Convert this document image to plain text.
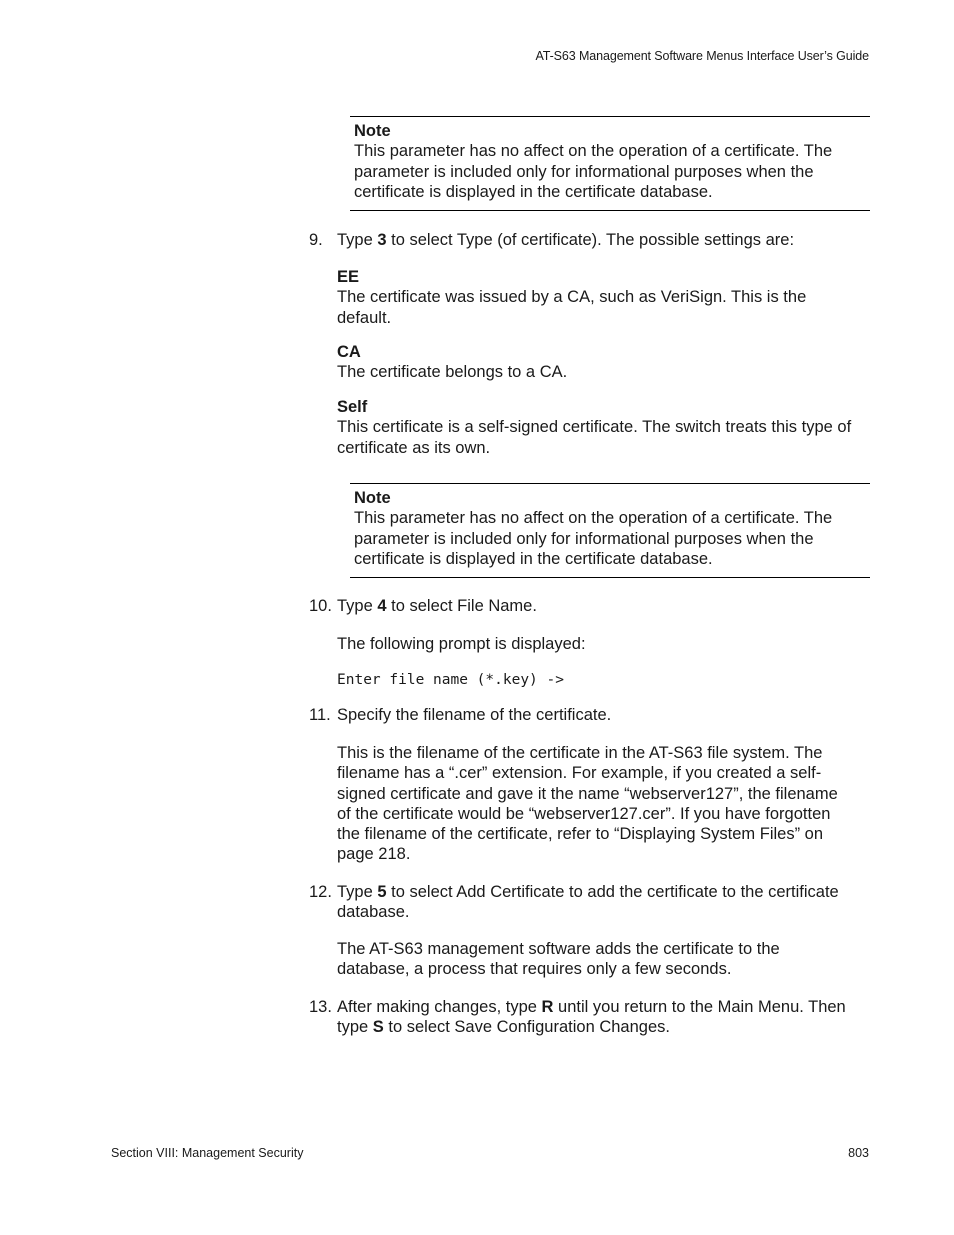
AT-S63 Management Software Menus Interface User’s Guide
Note
This parameter has no affect on the operation of a certificate. The
parameter is included only for informational purposes when the
certificate is displayed in the certificate database.
9. Type 3 to select Type (of certificate). The possible settings are:
EE
The certificate was issued by a CA, such as VeriSign. This is the
default.
CA
The certificate belongs to a CA.
Self
This certificate is a self-signed certificate. The switch treats this type of
certificate as its own.
Note
This parameter has no affect on the operation of a certificate. The
parameter is included only for informational purposes when the
certificate is displayed in the certificate database.
10. Type 4 to select File Name.
The following prompt is displayed:
Enter file name (*.key) ->
11. Specify the filename of the certificate.
This is the filename of the certificate in the AT-S63 file system. The
filename has a “.cer” extension. For example, if you created a self-
signed certificate and gave it the name “webserver127”, the filename
of the certificate would be “webserver127.cer”. If you have forgotten
the filename of the certificate, refer to “Displaying System Files” on
page 218.
12. Type 5 to select Add Certificate to add the certificate to the certificate
database.
The AT-S63 management software adds the certificate to the
database, a process that requires only a few seconds.
13. After making changes, type R until you return to the Main Menu. Then
type S to select Save Configuration Changes.
Section VIII: Management Security	803
